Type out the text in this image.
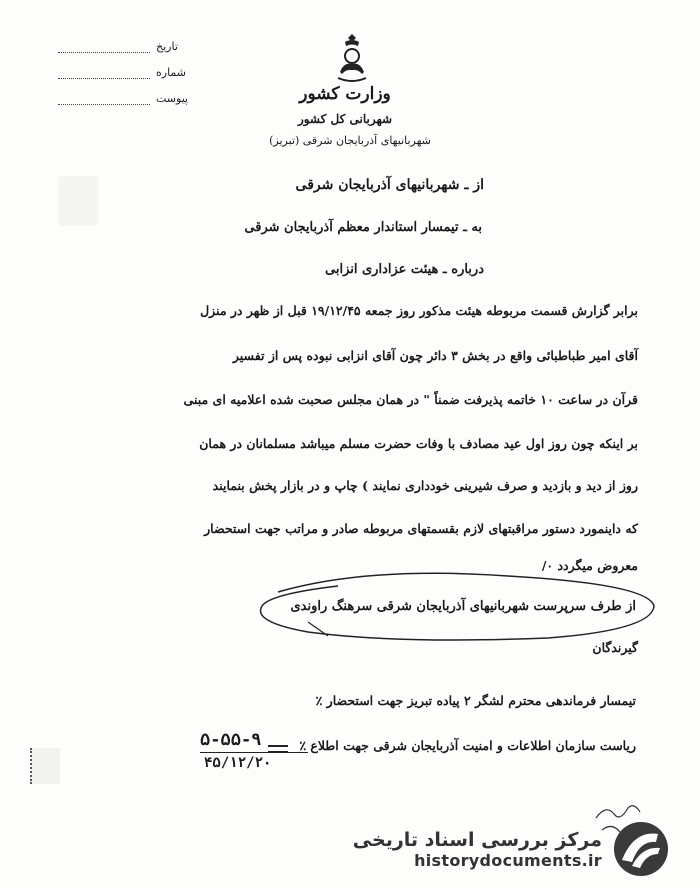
تاریخ
شماره
پیوست	وزارت کشور
شهربانی کل کشور
شهربانیهای آذربایجان شرقی (تبریز)
از ـ شهربانیهای آذربایجان شرقی
به ـ تیمسار استاندار معظم آذربایجان شرقی
درباره ـ هیئت عزاداری انزابی
برابر گزارش قسمت مربوطه هیئت مذکور روز جمعه ۱۹/۱۲/۴۵ قبل از ظهر در منزل
آقای امیر طباطبائی واقع در بخش ۳ دائر چون آقای انزابی نبوده پس از تفسیر
قرآن در ساعت ۱۰ خاتمه پذیرفت ضمناً " در همان مجلس صحبت شده اعلامیه ای مبنی
بر اینکه چون روز اول عید مصادف با وفات حضرت مسلم میباشد مسلمانان در همان
روز از دید و بازدید و صرف شیرینی خودداری نمایند ) چاپ و در بازار پخش بنمایند
که داینمورد دستور مراقبتهای لازم بقسمتهای مربوطه صادر و مراتب جهت استحضار
معروض میگردد ٠/
از طرف سرپرست شهربانیهای آذربایجان شرقی سرهنگ راوندی
گیرندگان
تیمسار فرماندهی محترم لشگر ۲ پیاده تبریز جهت استحضار ٪
ریاست سازمان اطلاعات و امنیت آذربایجان شرقی جهت اطلاع ٪
۵-۵۵-۹
۴۵/۱۲/۲۰
مرکز بررسی اسناد تاریخی
historydocuments.ir
